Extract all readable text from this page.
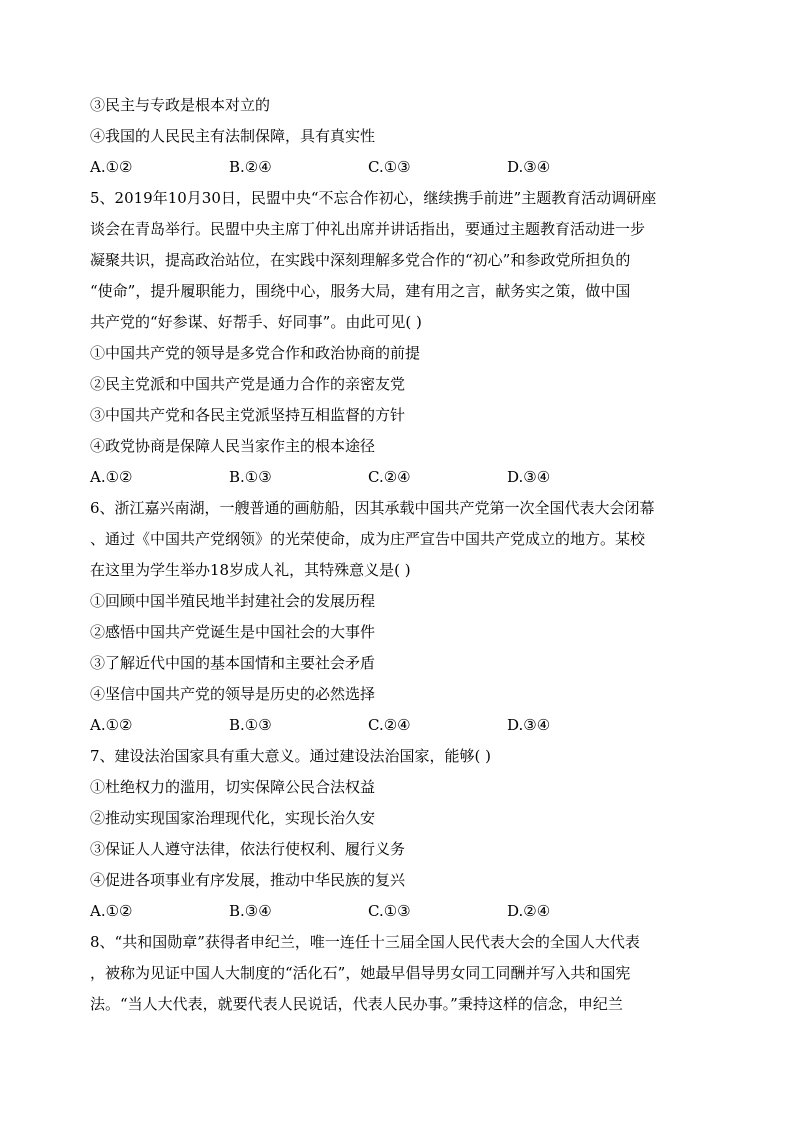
③民主与专政是根本对立的
④我国的人民民主有法制保障，具有真实性
A.①②	B.②④	C.①③	D.③④
5、2019年10月30日，民盟中央“不忘合作初心，继续携手前进”主题教育活动调研座
谈会在青岛举行。民盟中央主席丁仲礼出席并讲话指出，要通过主题教育活动进一步
凝聚共识，提高政治站位，在实践中深刻理解多党合作的“初心”和参政党所担负的
“使命”，提升履职能力，围绕中心，服务大局，建有用之言，献务实之策，做中国
共产党的“好参谋、好帮手、好同事”。由此可见( )
①中国共产党的领导是多党合作和政治协商的前提
②民主党派和中国共产党是通力合作的亲密友党
③中国共产党和各民主党派坚持互相监督的方针
④政党协商是保障人民当家作主的根本途径
A.①②	B.①③	C.②④	D.③④
6、浙江嘉兴南湖，一艘普通的画舫船，因其承载中国共产党第一次全国代表大会闭幕
、通过《中国共产党纲领》的光荣使命，成为庄严宣告中国共产党成立的地方。某校
在这里为学生举办18岁成人礼，其特殊意义是( )
①回顾中国半殖民地半封建社会的发展历程
②感悟中国共产党诞生是中国社会的大事件
③了解近代中国的基本国情和主要社会矛盾
④坚信中国共产党的领导是历史的必然选择
A.①②	B.①③	C.②④	D.③④
7、建设法治国家具有重大意义。通过建设法治国家，能够( )
①杜绝权力的滥用，切实保障公民合法权益
②推动实现国家治理现代化，实现长治久安
③保证人人遵守法律，依法行使权利、履行义务
④促进各项事业有序发展，推动中华民族的复兴
A.①②	B.③④	C.①③	D.②④
8、“共和国勋章”获得者申纪兰，唯一连任十三届全国人民代表大会的全国人大代表
，被称为见证中国人大制度的“活化石”，她最早倡导男女同工同酬并写入共和国宪
法。“当人大代表，就要代表人民说话，代表人民办事。”秉持这样的信念，申纪兰
